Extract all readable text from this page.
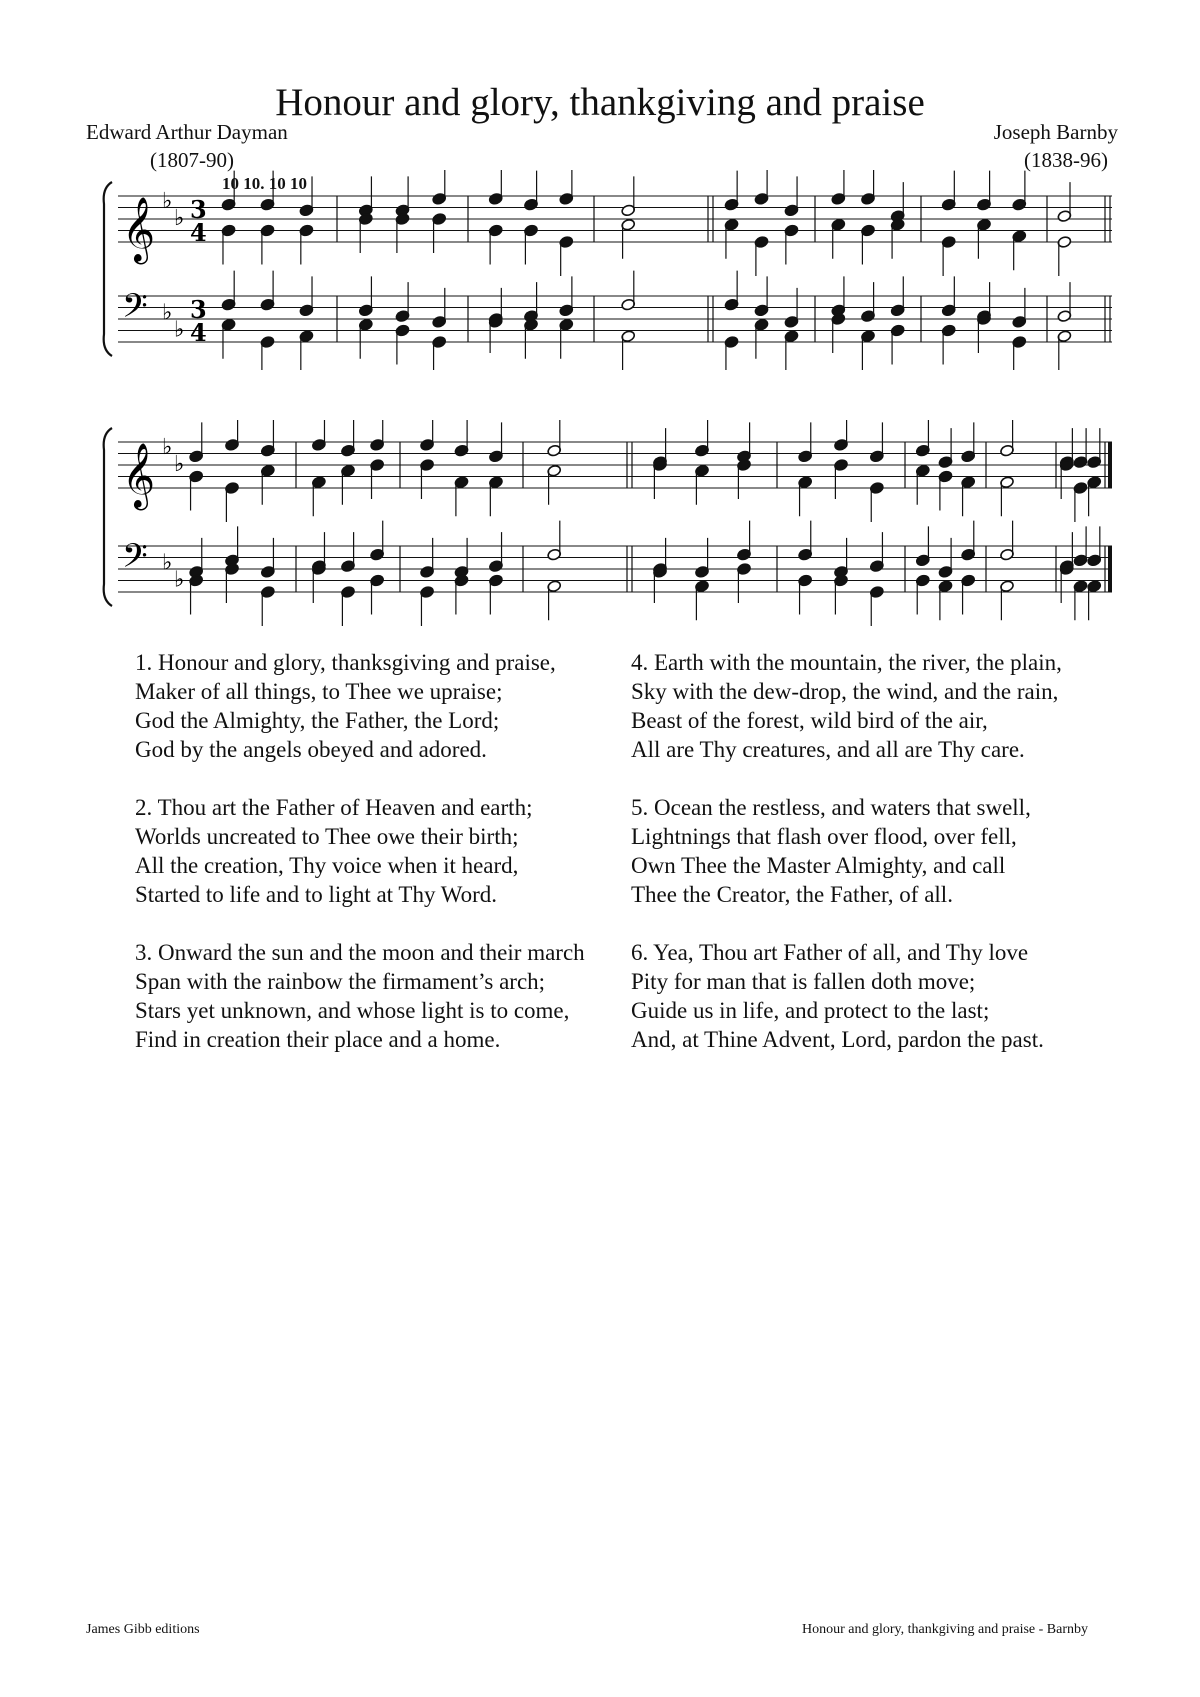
Honour and glory, thankgiving and praise
Edward Arthur Dayman
(1807-90)
Joseph Barnby
(1838-96)
10 10. 10 10
𝄞 ♭
♭ 3
4
𝄢 ♭
♭
3
4
𝄞 ♭
♭
𝄢 ♭
♭
1. Honour and glory, thanksgiving and praise,
Maker of all things, to Thee we upraise;
God the Almighty, the Father, the Lord;
God by the angels obeyed and adored.
2. Thou art the Father of Heaven and earth;
Worlds uncreated to Thee owe their birth;
All the creation, Thy voice when it heard,
Started to life and to light at Thy Word.
3. Onward the sun and the moon and their march
Span with the rainbow the firmament’s arch;
Stars yet unknown, and whose light is to come,
Find in creation their place and a home.
4. Earth with the mountain, the river, the plain,
Sky with the dew-drop, the wind, and the rain,
Beast of the forest, wild bird of the air,
All are Thy creatures, and all are Thy care.
5. Ocean the restless, and waters that swell,
Lightnings that flash over flood, over fell,
Own Thee the Master Almighty, and call
Thee the Creator, the Father, of all.
6. Yea, Thou art Father of all, and Thy love
Pity for man that is fallen doth move;
Guide us in life, and protect to the last;
And, at Thine Advent, Lord, pardon the past.
James Gibb editions	Honour and glory, thankgiving and praise - Barnby
